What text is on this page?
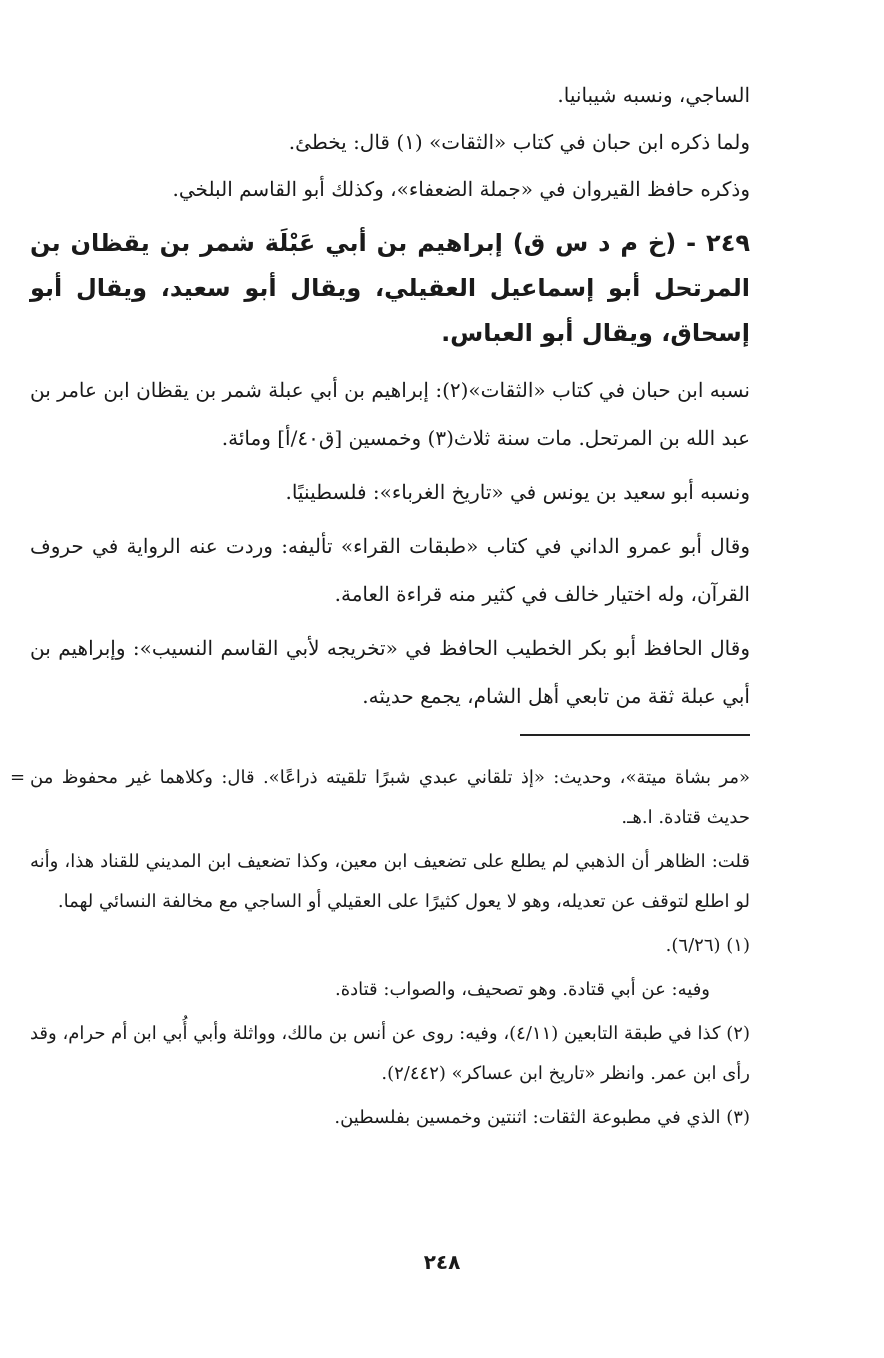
الساجي، ونسبه شيبانيا.

ولما ذكره ابن حبان في كتاب «الثقات» (١) قال: يخطئ.

وذكره حافظ القيروان في «جملة الضعفاء»، وكذلك أبو القاسم البلخي.

٢٤٩ - (خ م د س ق) إبراهيم بن أبي عَبْلَة شمر بن يقظان بن المرتحل أبو إسماعيل العقيلي، ويقال أبو سعيد، ويقال أبو إسحاق، ويقال أبو العباس.

نسبه ابن حبان في كتاب «الثقات»(٢): إبراهيم بن أبي عبلة شمر بن يقظان ابن عامر بن عبد الله بن المرتحل. مات سنة ثلاث(٣) وخمسين [ق٤٠/أ] ومائة.

ونسبه أبو سعيد بن يونس في «تاريخ الغرباء»: فلسطينيًا.

وقال أبو عمرو الداني في كتاب «طبقات القراء» تأليفه: وردت عنه الرواية في حروف القرآن، وله اختيار خالف في كثير منه قراءة العامة.

وقال الحافظ أبو بكر الخطيب الحافظ في «تخريجه لأبي القاسم النسيب»: وإبراهيم بن أبي عبلة ثقة من تابعي أهل الشام، يجمع حديثه.

= «مر بشاة ميتة»، وحديث: «إذ تلقاني عبدي شبرًا تلقيته ذراعًا». قال: وكلاهما غير محفوظ من حديث قتادة. ا.هـ.

قلت: الظاهر أن الذهبي لم يطلع على تضعيف ابن معين، وكذا تضعيف ابن المديني للقناد هذا، وأنه لو اطلع لتوقف عن تعديله، وهو لا يعول كثيرًا على العقيلي أو الساجي مع مخالفة النسائي لهما.

(١) (٦/٢٦).

وفيه: عن أبي قتادة. وهو تصحيف، والصواب: قتادة.

(٢) كذا في طبقة التابعين (٤/١١)، وفيه: روى عن أنس بن مالك، وواثلة وأبي أُبي ابن أم حرام، وقد رأى ابن عمر. وانظر «تاريخ ابن عساكر» (٢/٤٤٢).

(٣) الذي في مطبوعة الثقات: اثنتين وخمسين بفلسطين.

٢٤٨
